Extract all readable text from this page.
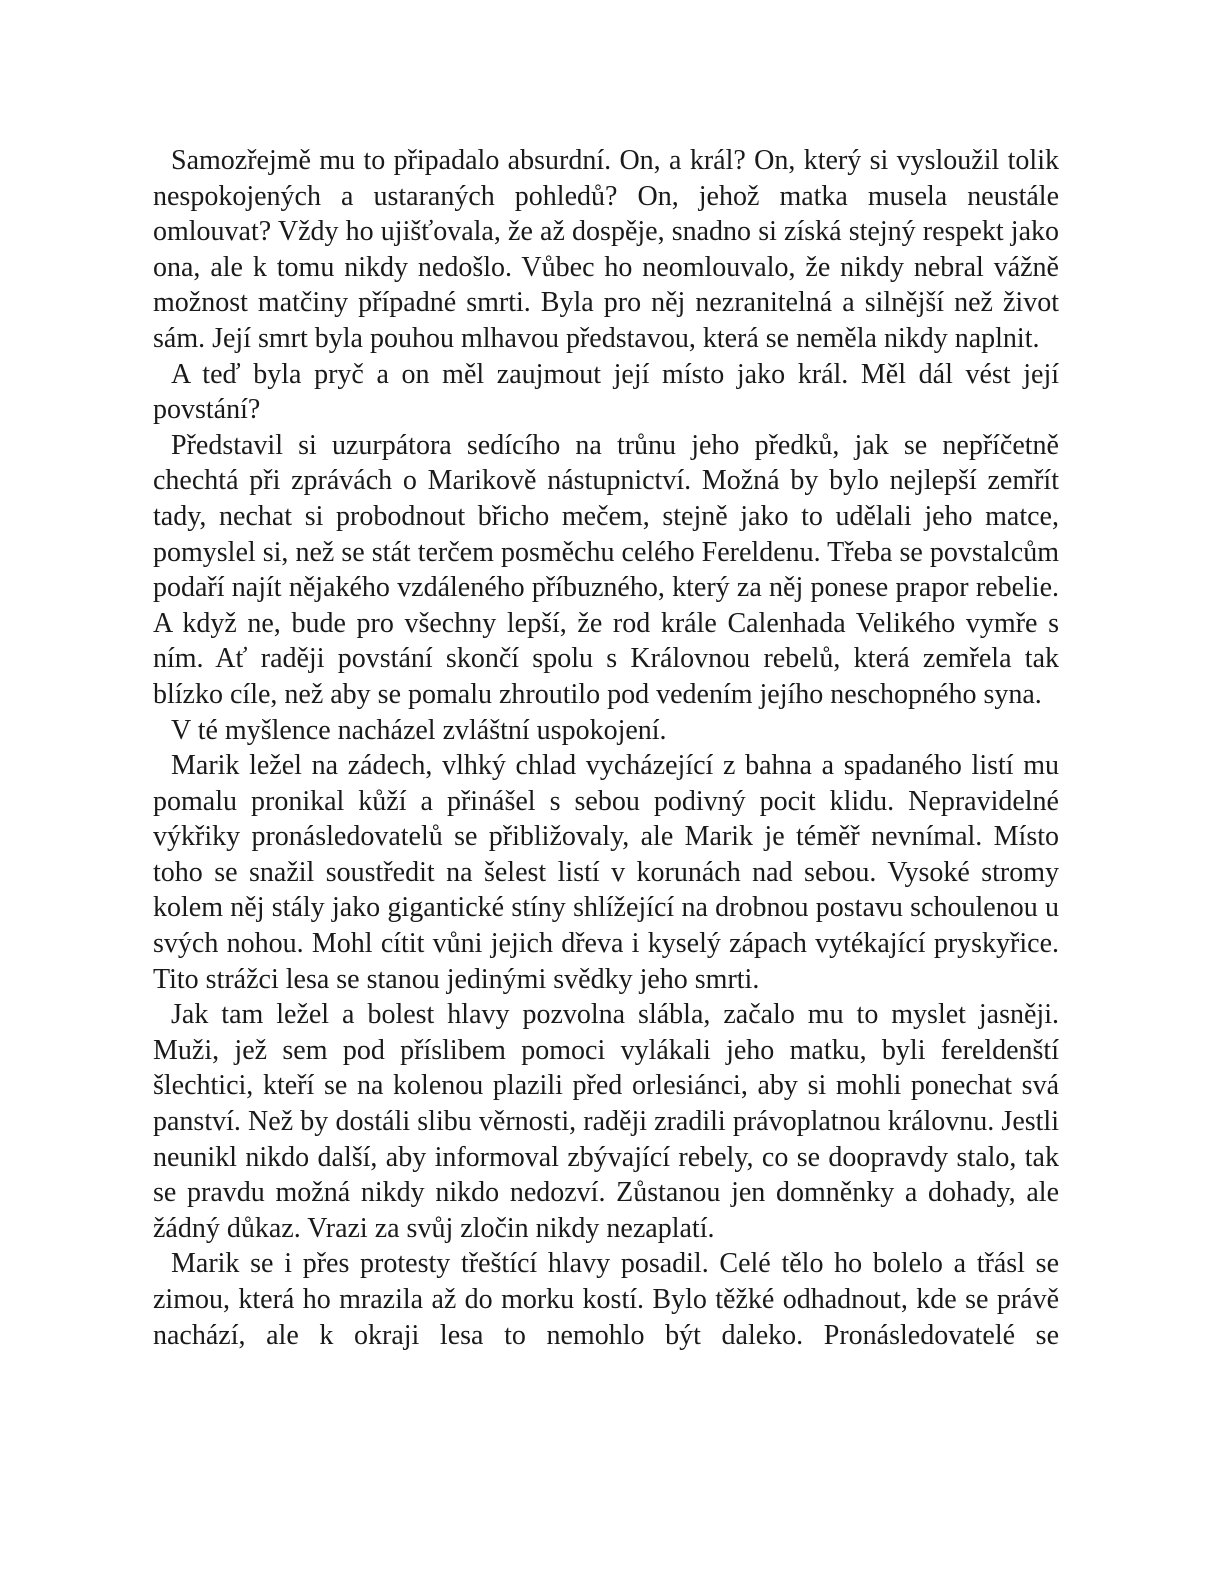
Samozřejmě mu to připadalo absurdní. On, a král? On, který si vysloužil tolik nespokojených a ustaraných pohledů? On, jehož matka musela neustále omlouvat? Vždy ho ujišťovala, že až dospěje, snadno si získá stejný respekt jako ona, ale k tomu nikdy nedošlo. Vůbec ho neomlouvalo, že nikdy nebral vážně možnost matčiny případné smrti. Byla pro něj nezranitelná a silnější než život sám. Její smrt byla pouhou mlhavou představou, která se neměla nikdy naplnit.

A teď byla pryč a on měl zaujmout její místo jako král. Měl dál vést její povstání?

Představil si uzurpátora sedícího na trůnu jeho předků, jak se nepříčetně chechtá při zprávách o Marikově nástupnictví. Možná by bylo nejlepší zemřít tady, nechat si probodnout břicho mečem, stejně jako to udělali jeho matce, pomyslel si, než se stát terčem posměchu celého Fereldenu. Třeba se povstalcům podaří najít nějakého vzdáleného příbuzného, který za něj ponese prapor rebelie. A když ne, bude pro všechny lepší, že rod krále Calenhada Velikého vymře s ním. Ať raději povstání skončí spolu s Královnou rebelů, která zemřela tak blízko cíle, než aby se pomalu zhroutilo pod vedením jejího neschopného syna.

V té myšlence nacházel zvláštní uspokojení.

Marik ležel na zádech, vlhký chlad vycházející z bahna a spadaného listí mu pomalu pronikal kůží a přinášel s sebou podivný pocit klidu. Nepravidelné výkřiky pronásledovatelů se přibližovaly, ale Marik je téměř nevnímal. Místo toho se snažil soustředit na šelest listí v korunách nad sebou. Vysoké stromy kolem něj stály jako gigantické stíny shlížející na drobnou postavu schoulenou u svých nohou. Mohl cítit vůni jejich dřeva i kyselý zápach vytékající pryskyřice. Tito strážci lesa se stanou jedinými svědky jeho smrti.

Jak tam ležel a bolest hlavy pozvolna slábla, začalo mu to myslet jasněji. Muži, jež sem pod příslibem pomoci vylákali jeho matku, byli fereldenští šlechtici, kteří se na kolenou plazili před orlesiánci, aby si mohli ponechat svá panství. Než by dostáli slibu věrnosti, raději zradili právoplatnou královnu. Jestli neunikl nikdo další, aby informoval zbývající rebely, co se doopravdy stalo, tak se pravdu možná nikdy nikdo nedozví. Zůstanou jen domněnky a dohady, ale žádný důkaz. Vrazi za svůj zločin nikdy nezaplatí.

Marik se i přes protesty třeštící hlavy posadil. Celé tělo ho bolelo a třásl se zimou, která ho mrazila až do morku kostí. Bylo těžké odhadnout, kde se právě nachází, ale k okraji lesa to nemohlo být daleko. Pronásledovatelé se
